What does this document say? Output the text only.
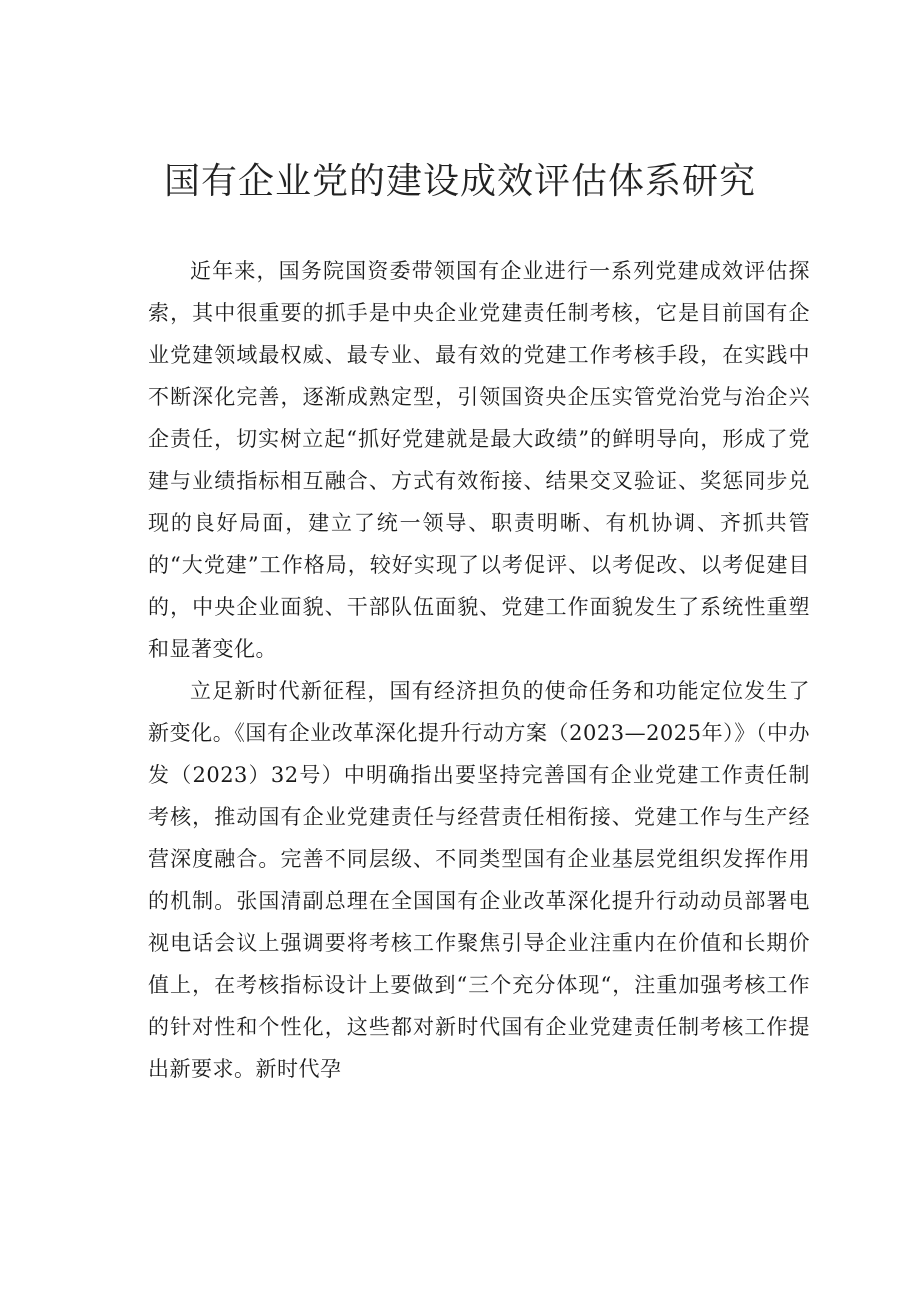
国有企业党的建设成效评估体系研究

近年来，国务院国资委带领国有企业进行一系列党建成效评估探索，其中很重要的抓手是中央企业党建责任制考核，它是目前国有企业党建领域最权威、最专业、最有效的党建工作考核手段，在实践中不断深化完善，逐渐成熟定型，引领国资央企压实管党治党与治企兴企责任，切实树立起“抓好党建就是最大政绩”的鲜明导向，形成了党建与业绩指标相互融合、方式有效衔接、结果交叉验证、奖惩同步兑现的良好局面，建立了统一领导、职责明晰、有机协调、齐抓共管的“大党建”工作格局，较好实现了以考促评、以考促改、以考促建目的，中央企业面貌、干部队伍面貌、党建工作面貌发生了系统性重塑和显著变化。

立足新时代新征程，国有经济担负的使命任务和功能定位发生了新变化。《国有企业改革深化提升行动方案（2023—2025年）》（中办发（2023）32号）中明确指出要坚持完善国有企业党建工作责任制考核，推动国有企业党建责任与经营责任相衔接、党建工作与生产经营深度融合。完善不同层级、不同类型国有企业基层党组织发挥作用的机制。张国清副总理在全国国有企业改革深化提升行动动员部署电视电话会议上强调要将考核工作聚焦引导企业注重内在价值和长期价值上，在考核指标设计上要做到“三个充分体现“，注重加强考核工作的针对性和个性化，这些都对新时代国有企业党建责任制考核工作提出新要求。新时代孕
